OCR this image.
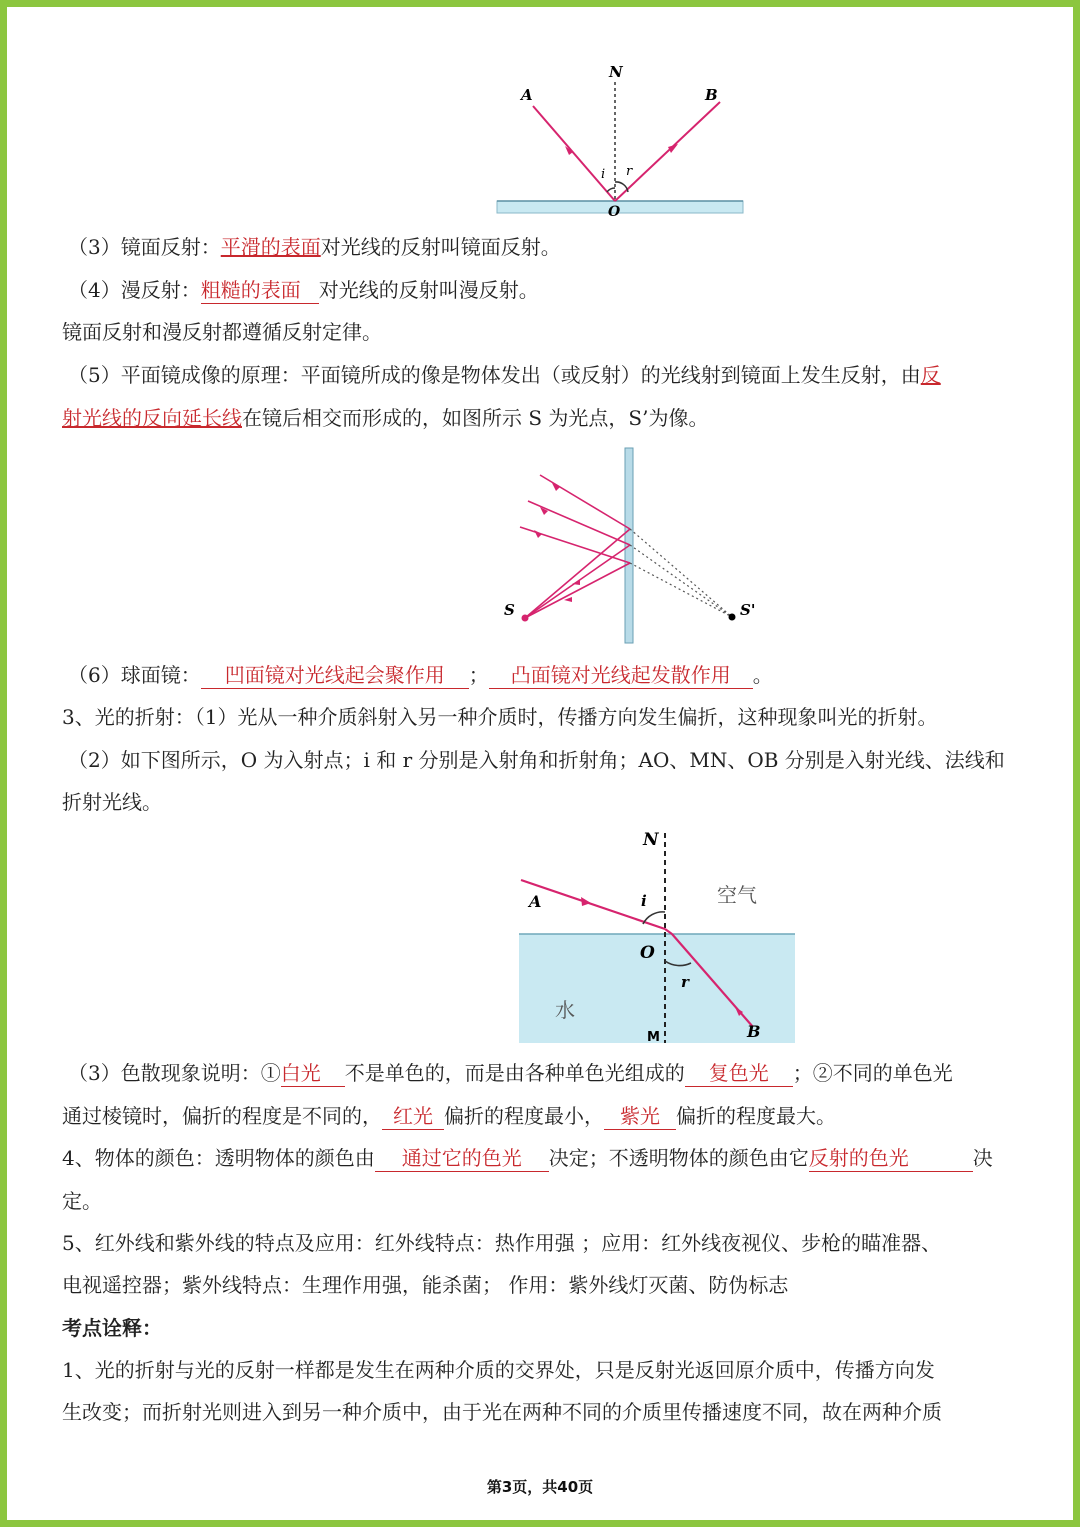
N
A	B
i r
O
（3）镜面反射：平滑的表面对光线的反射叫镜面反射。
（4）漫反射：粗糙的表面 对光线的反射叫漫反射。
镜面反射和漫反射都遵循反射定律。
（5）平面镜成像的原理：平面镜所成的像是物体发出（或反射）的光线射到镜面上发生反射，由反
射光线的反向延长线在镜后相交而形成的，如图所示 S 为光点，S’为像。
S	S'
（6）球面镜： 凹面镜对光线起会聚作用 ； 凸面镜对光线起发散作用 。
3、光的折射：（1）光从一种介质斜射入另一种介质时，传播方向发生偏折，这种现象叫光的折射。
（2）如下图所示，O 为入射点；i 和 r 分别是入射角和折射角；AO、MN、OB 分别是入射光线、法线和
折射光线。
N
A	i	空气
O
r
水
M	B
（3）色散现象说明：①白光 不是单色的，而是由各种单色光组成的 复色光 ；②不同的单色光
通过棱镜时，偏折的程度是不同的， 红光 偏折的程度最小， 紫光 偏折的程度最大。
4、物体的颜色：透明物体的颜色由 通过它的色光 决定；不透明物体的颜色由它反射的色光	决
定。
5、红外线和紫外线的特点及应用：红外线特点：热作用强 ；应用：红外线夜视仪、步枪的瞄准器、
电视遥控器；紫外线特点：生理作用强，能杀菌； 作用：紫外线灯灭菌、防伪标志
考点诠释：
1、光的折射与光的反射一样都是发生在两种介质的交界处，只是反射光返回原介质中，传播方向发
生改变；而折射光则进入到另一种介质中，由于光在两种不同的介质里传播速度不同，故在两种介质
第3页，共40页
